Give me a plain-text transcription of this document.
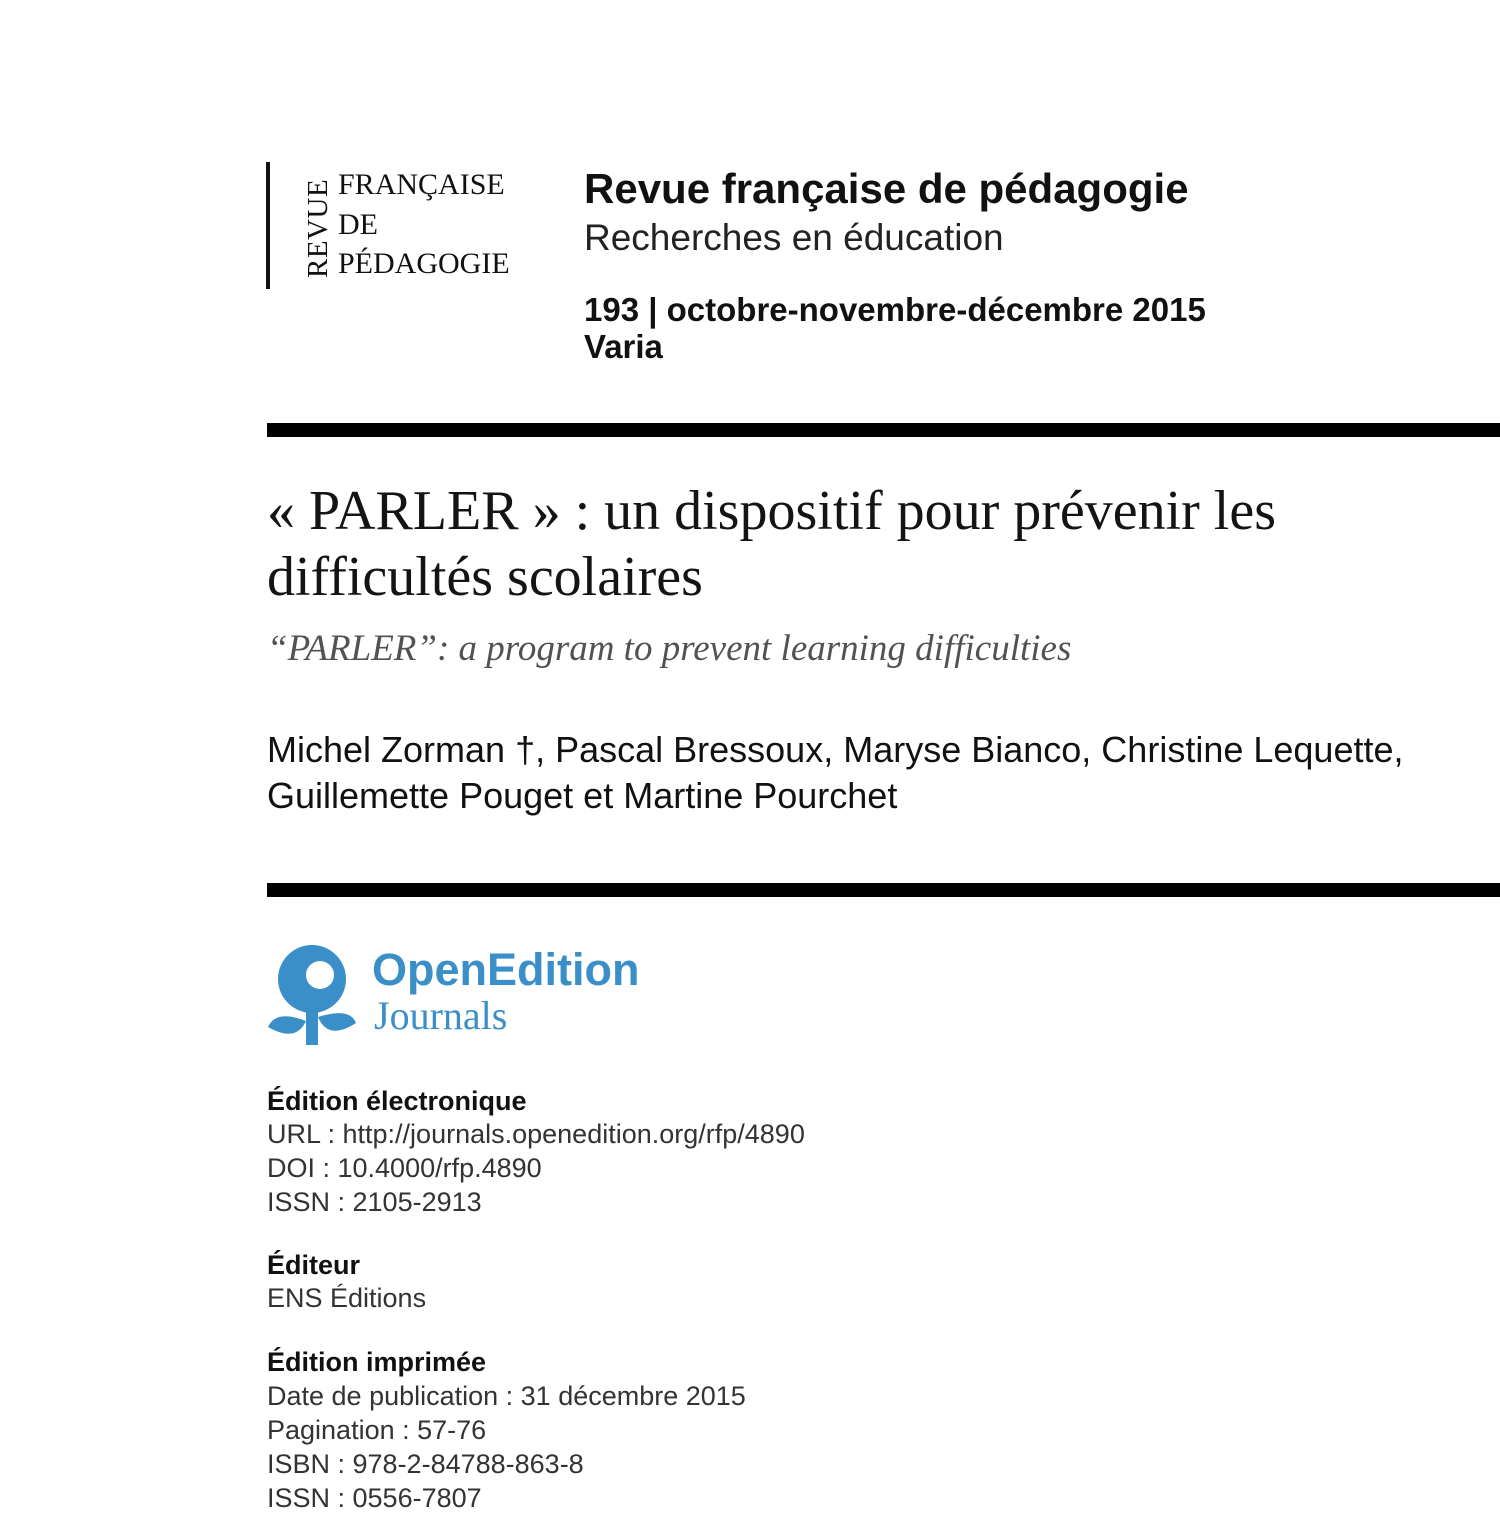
REVUE FRANÇAISE
DE
PÉDAGOGIE
Revue française de pédagogie
Recherches en éducation
193 | octobre-novembre-décembre 2015
Varia
« PARLER » : un dispositif pour prévenir les difficultés scolaires
“PARLER”: a program to prevent learning difficulties
Michel Zorman †, Pascal Bressoux, Maryse Bianco, Christine Lequette, Guillemette Pouget et Martine Pourchet
OpenEdition
Journals
Édition électronique
URL : http://journals.openedition.org/rfp/4890
DOI : 10.4000/rfp.4890
ISSN : 2105-2913
Éditeur
ENS Éditions
Édition imprimée
Date de publication : 31 décembre 2015
Pagination : 57-76
ISBN : 978-2-84788-863-8
ISSN : 0556-7807
